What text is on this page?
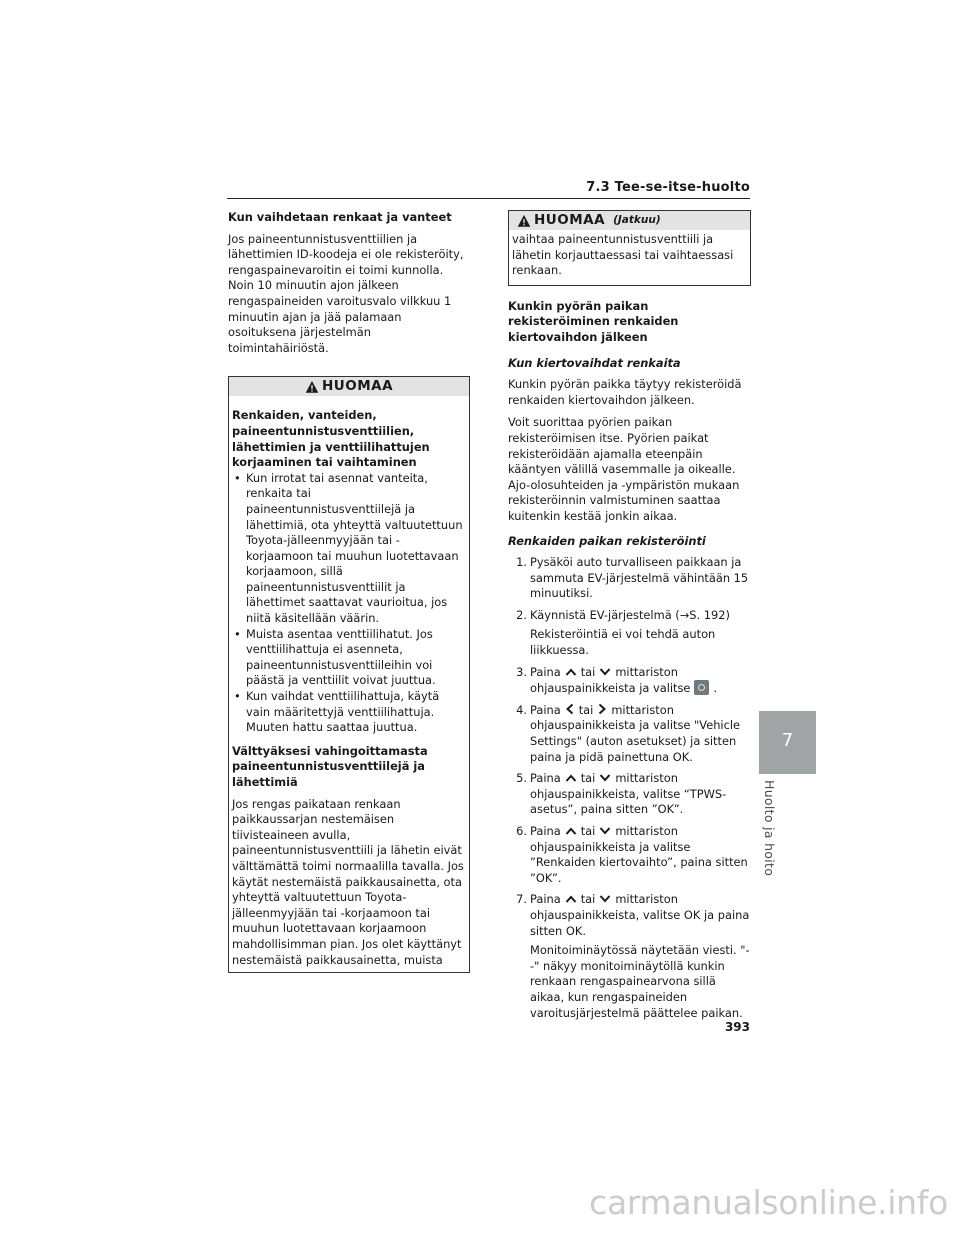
7.3 Tee-se-itse-huolto

Kun vaihdetaan renkaat ja vanteet

Jos paineentunnistusventtiilien ja lähettimien ID-koodeja ei ole rekisteröity, rengaspainevaroitin ei toimi kunnolla. Noin 10 minuutin ajon jälkeen rengaspaineiden varoitusvalo vilkkuu 1 minuutin ajan ja jää palamaan osoituksena järjestelmän toimintahäiriöstä.

HUOMAA

Renkaiden, vanteiden, paineentunnistusventtiilien, lähettimien ja venttiilihattujen korjaaminen tai vaihtaminen

• Kun irrotat tai asennat vanteita, renkaita tai paineentunnistusventtiilejä ja lähettimiä, ota yhteyttä valtuutettuun Toyota-jälleenmyyjään tai -korjaamoon tai muuhun luotettavaan korjaamoon, sillä paineentunnistusventtiilit ja lähettimet saattavat vaurioitua, jos niitä käsitellään väärin.
• Muista asentaa venttiilihatut. Jos venttiilihattuja ei asenneta, paineentunnistusventtiileihin voi päästä ja venttiilit voivat juuttua.
• Kun vaihdat venttiilihattuja, käytä vain määritettyjä venttiilihattuja. Muuten hattu saattaa juuttua.

Välttyäksesi vahingoittamasta paineentunnistusventtiilejä ja lähettimiä

Jos rengas paikataan renkaan paikkaussarjan nestemäisen tiivisteaineen avulla, paineentunnistusventtiili ja lähetin eivät välttämättä toimi normaalilla tavalla. Jos käytät nestemäistä paikkausainetta, ota yhteyttä valtuutettuun Toyota-jälleenmyyjään tai -korjaamoon tai muuhun luotettavaan korjaamoon mahdollisimman pian. Jos olet käyttänyt nestemäistä paikkausainetta, muista

HUOMAA (Jatkuu)

vaihtaa paineentunnistusventtiili ja lähetin korjauttaessasi tai vaihtaessasi renkaan.

Kunkin pyörän paikan rekisteröiminen renkaiden kiertovaihdon jälkeen

Kun kiertovaihdat renkaita

Kunkin pyörän paikka täytyy rekisteröidä renkaiden kiertovaihdon jälkeen.

Voit suorittaa pyörien paikan rekisteröimisen itse. Pyörien paikat rekisteröidään ajamalla eteenpäin kääntyen välillä vasemmalle ja oikealle. Ajo-olosuhteiden ja -ympäristön mukaan rekisteröinnin valmistuminen saattaa kuitenkin kestää jonkin aikaa.

Renkaiden paikan rekisteröinti

1. Pysäköi auto turvalliseen paikkaan ja sammuta EV-järjestelmä vähintään 15 minuutiksi.
2. Käynnistä EV-järjestelmä (→S. 192)

Rekisteröintiä ei voi tehdä auton liikkuessa.

3. Paina tai mittariston ohjauspainikkeista ja valitse .
4. Paina tai mittariston ohjauspainikkeista ja valitse "Vehicle Settings" (auton asetukset) ja sitten paina ja pidä painettuna OK.
5. Paina tai mittariston ohjauspainikkeista, valitse “TPWS-asetus”, paina sitten ”OK”.
6. Paina tai mittariston ohjauspainikkeista ja valitse ”Renkaiden kiertovaihto”, paina sitten ”OK”.
7. Paina tai mittariston ohjauspainikkeista, valitse OK ja paina sitten OK.

Monitoiminäytössä näytetään viesti. "- -" näkyy monitoiminäytöllä kunkin renkaan rengaspainearvona sillä aikaa, kun rengaspaineiden varoitusjärjestelmä päättelee paikan.

7
Huolto ja hoito
393
carmanualsonline.info
